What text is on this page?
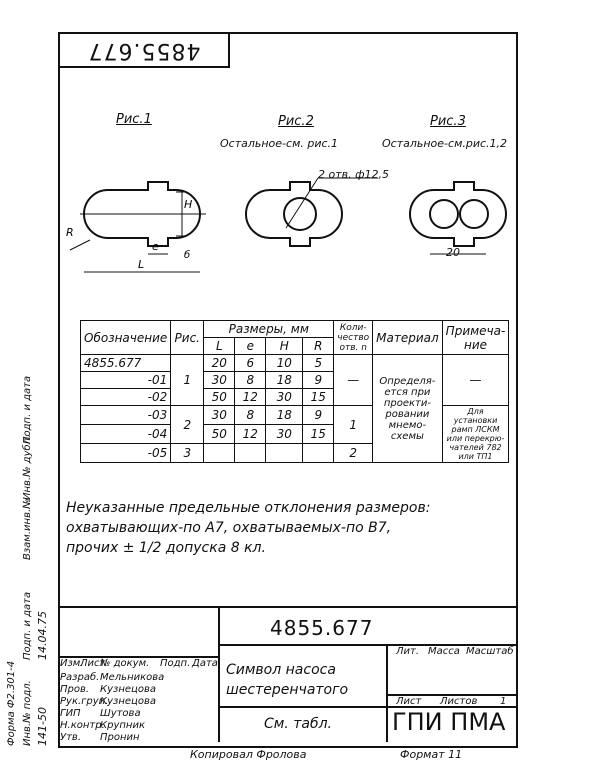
4855.677
Рис.1	Рис.2
Остальное-см. рис.1
Рис.3
Остальное-см.рис.1,2
2 отв. ф12,5
20
R
H
e
L
б
Обозначение	Рис.	Размеры, мм				Коли-чество отв. n	Материал	Примеча-ние
		L	e	H	R			
4855.677	1	20	6	10	5	—	Определя-ется при проекти-ровании мнемо-схемы	—
-01		30	8	18	9			
-02		50	12	30	15			
-03	2	30	8	18	9	1		Для установки рамп ЛСКМ или перекрю-чателей 782 или ТП1
-04		50	12	30	15			
-05	3					2		
Неуказанные предельные отклонения размеров:
охватывающих-по А7, охватываемых-по В7,
прочих ± 1/2 допуска 8 кл.
4855.677
Символ насоса
шестеренчатого
См. табл. ГПИ ПМА
Лит. Масса Масштаб
Лист Листов 1
Изм.
Лист
№ докум. Подп. Дата
Разраб. Мельникова
Пров. Кузнецова
Рук.груп.
Кузнецова
ГИП Шутова
Н.контр.
Крупник
Утв. Пронин
Копировал Фролова	Формат 11
Форма Ф2.301-4 Инв.№ подл. 141-50
Подп. и дата 14.04.75
Взам.инв.№
Инв.№ дубл.
Подп. и дата
